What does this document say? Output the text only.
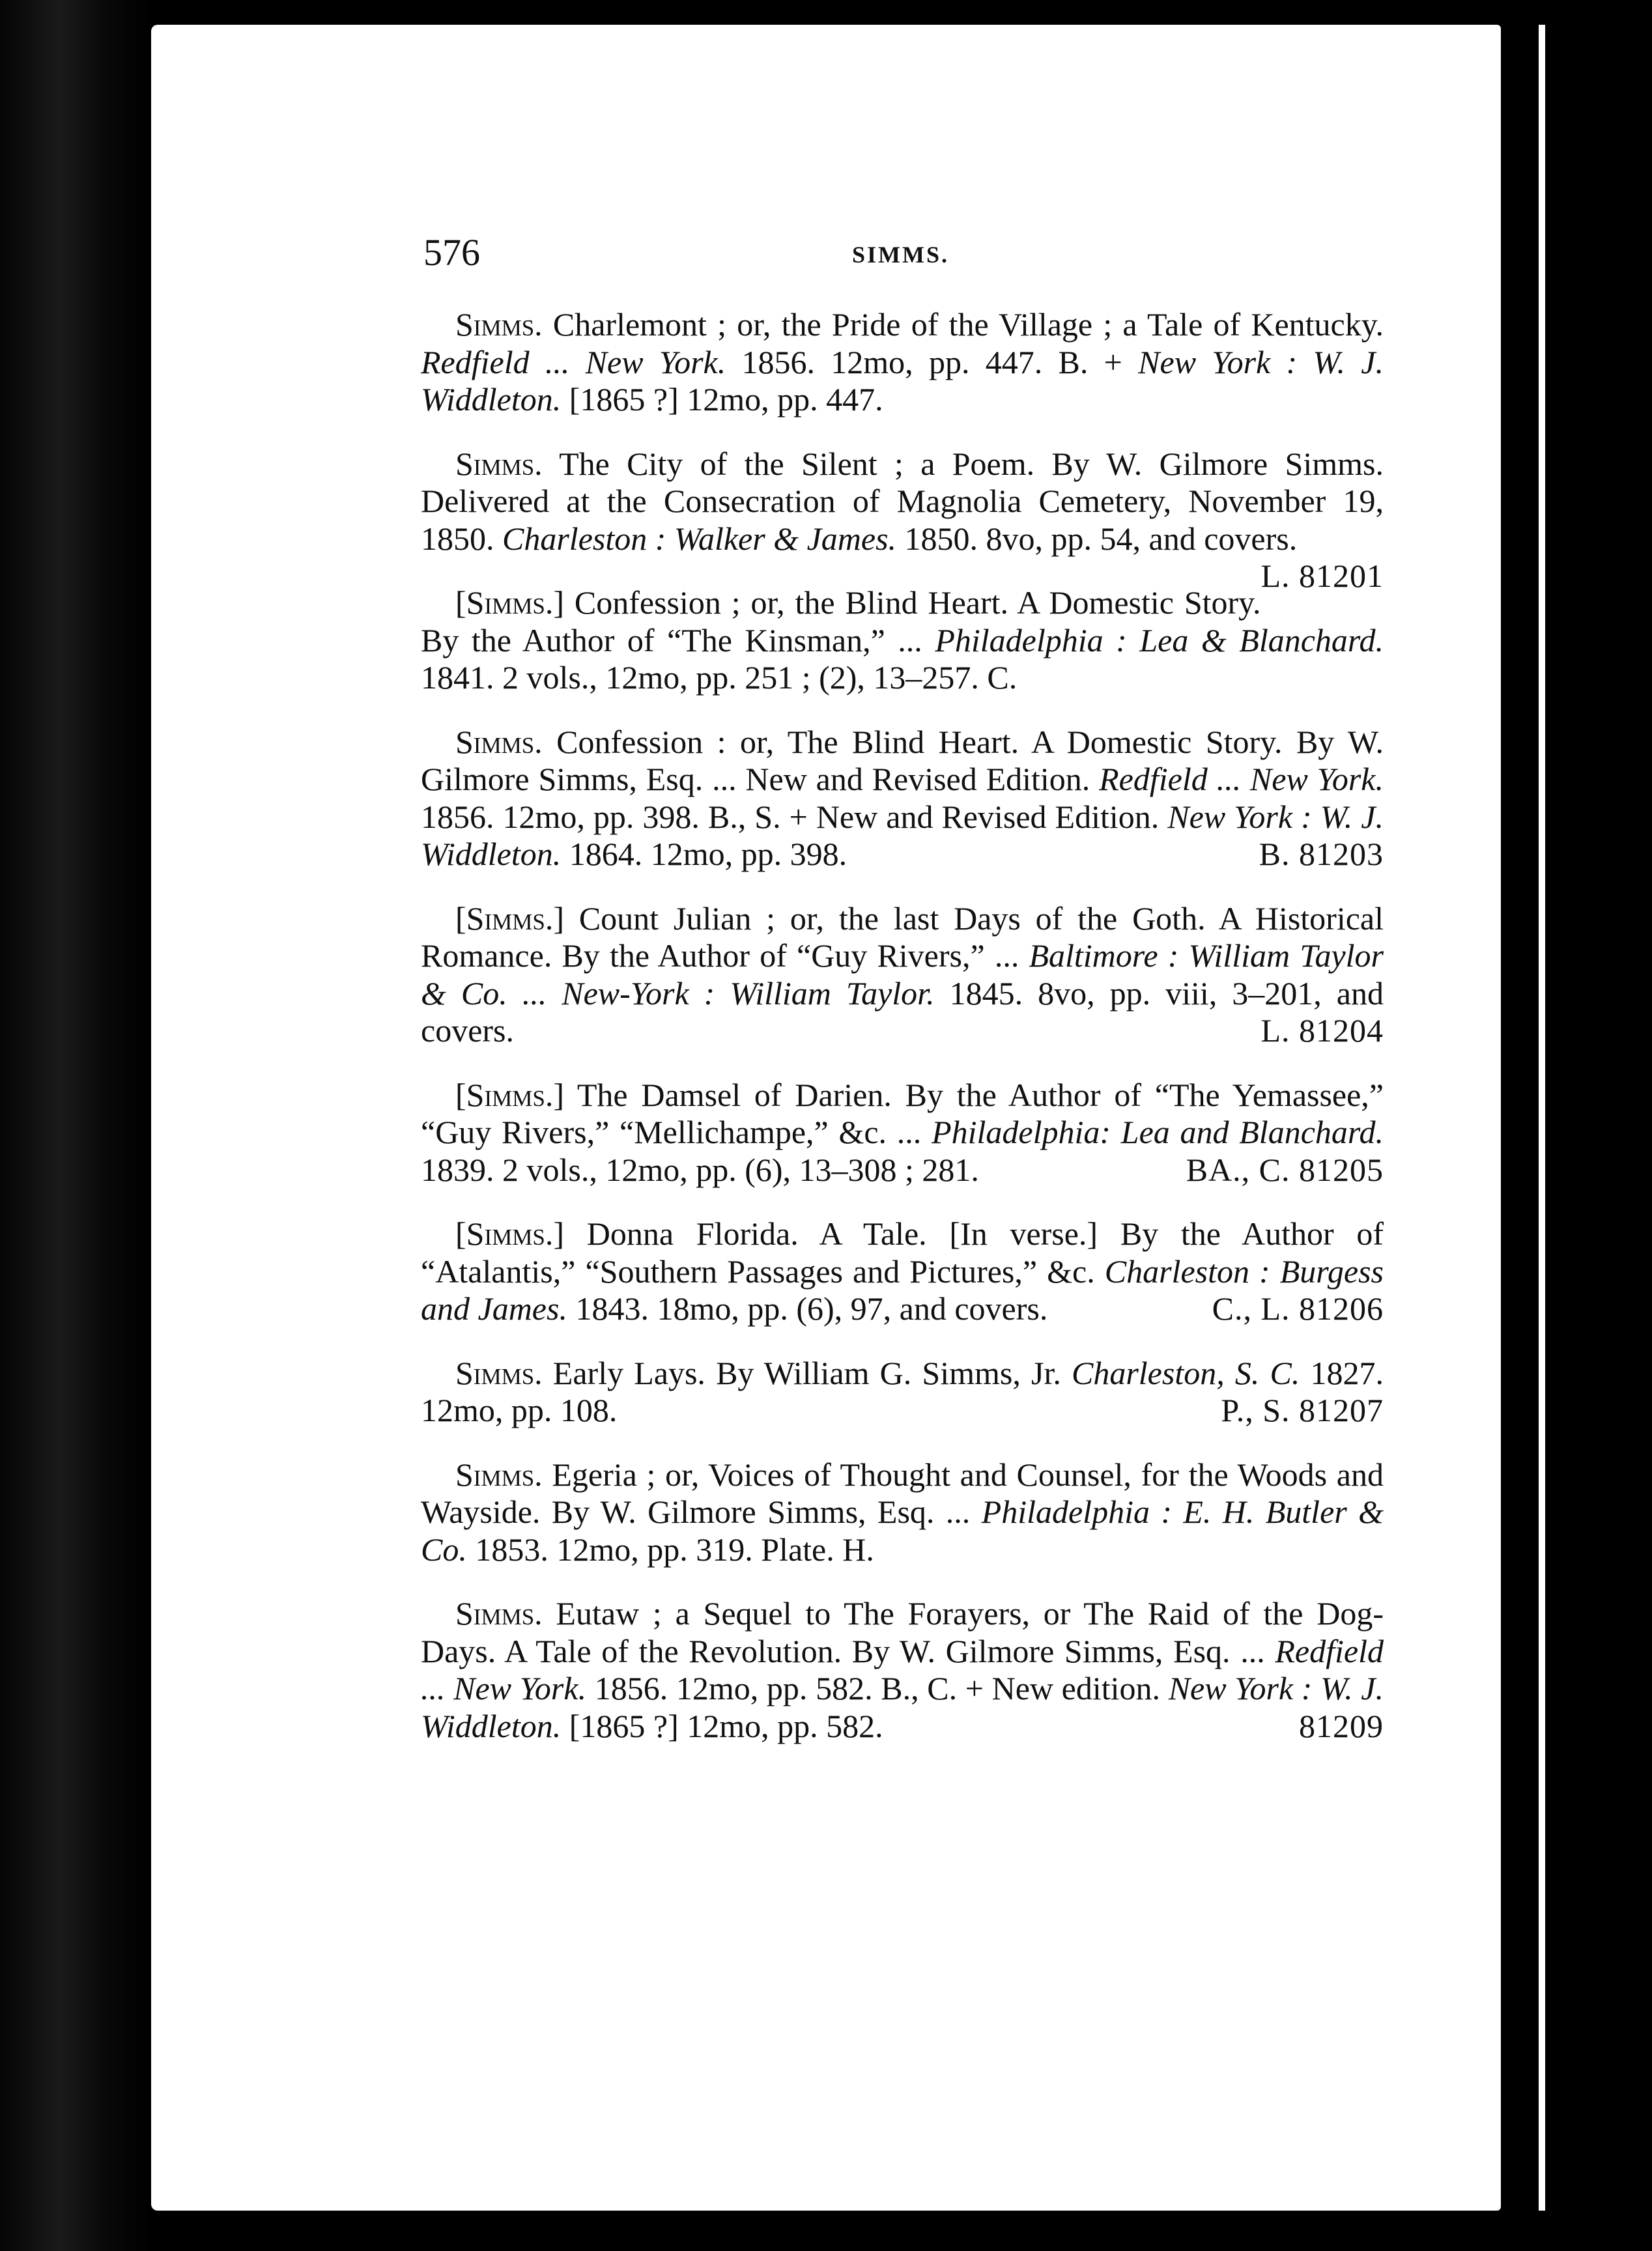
576	SIMMS.

Simms. Charlemont ; or, the Pride of the Village ; a Tale of Kentucky. Redfield ... New York. 1856. 12mo, pp. 447. B. + New York : W. J. Widdleton. [1865 ?] 12mo, pp. 447.

Simms. The City of the Silent ; a Poem. By W. Gilmore Simms. Delivered at the Consecration of Magnolia Cemetery, November 19, 1850. Charleston : Walker & James. 1850. 8vo, pp. 54, and covers.
L. 81201

[Simms.] Confession ; or, the Blind Heart. A Domestic Story. By the Author of “The Kinsman,” ... Philadelphia : Lea & Blanchard. 1841. 2 vols., 12mo, pp. 251 ; (2), 13–257. C.

Simms. Confession : or, The Blind Heart. A Domestic Story. By W. Gilmore Simms, Esq. ... New and Revised Edition. Redfield ... New York. 1856. 12mo, pp. 398. B., S. + New and Revised Edition. New York : W. J. Widdleton. 1864. 12mo, pp. 398.	B. 81203

[Simms.] Count Julian ; or, the last Days of the Goth. A Historical Romance. By the Author of “Guy Rivers,” ... Baltimore : William Taylor & Co. ... New-York : William Taylor. 1845. 8vo, pp. viii, 3–201, and covers.	L. 81204

[Simms.] The Damsel of Darien. By the Author of “The Yemassee,” “Guy Rivers,” “Mellichampe,” &c. ... Philadelphia: Lea and Blanchard. 1839. 2 vols., 12mo, pp. (6), 13–308 ; 281.	BA., C. 81205

[Simms.] Donna Florida. A Tale. [In verse.] By the Author of “Atalantis,” “Southern Passages and Pictures,” &c. Charleston : Burgess and James. 1843. 18mo, pp. (6), 97, and covers.	C., L. 81206

Simms. Early Lays. By William G. Simms, Jr. Charleston, S. C. 1827. 12mo, pp. 108.	P., S. 81207

Simms. Egeria ; or, Voices of Thought and Counsel, for the Woods and Wayside. By W. Gilmore Simms, Esq. ... Philadelphia : E. H. Butler & Co. 1853. 12mo, pp. 319. Plate. H.

Simms. Eutaw ; a Sequel to The Forayers, or The Raid of the Dog-Days. A Tale of the Revolution. By W. Gilmore Simms, Esq. ... Redfield ... New York. 1856. 12mo, pp. 582. B., C. + New edition. New York : W. J. Widdleton. [1865 ?] 12mo, pp. 582.	81209
